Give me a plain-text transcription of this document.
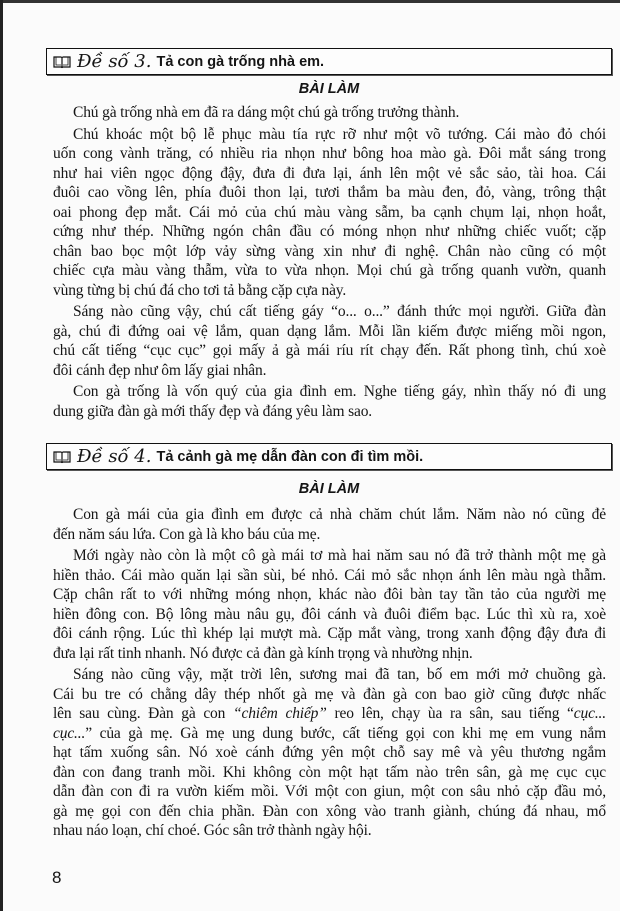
Đề số 3. Tả con gà trống nhà em.
BÀI LÀM
Chú gà trống nhà em đã ra dáng một chú gà trống trưởng thành.
Chú khoác một bộ lễ phục màu tía rực rỡ như một võ tướng. Cái mào đỏ chói
uốn cong vành trăng, có nhiều ria nhọn như bông hoa mào gà. Đôi mắt sáng trong
như hai viên ngọc động đậy, đưa đi đưa lại, ánh lên một vẻ sắc sảo, tài hoa. Cái
đuôi cao vồng lên, phía đuôi thon lại, tươi thắm ba màu đen, đỏ, vàng, trông thật
oai phong đẹp mắt. Cái mỏ của chú màu vàng sẫm, ba cạnh chụm lại, nhọn hoắt,
cứng như thép. Những ngón chân đầu có móng nhọn như những chiếc vuốt; cặp
chân bao bọc một lớp vảy sừng vàng xin như đi nghệ. Chân nào cũng có một
chiếc cựa màu vàng thẫm, vừa to vừa nhọn. Mọi chú gà trống quanh vườn, quanh
vùng từng bị chú đá cho tơi tả bằng cặp cựa này.
Sáng nào cũng vậy, chú cất tiếng gáy “o... o...” đánh thức mọi người. Giữa đàn
gà, chú đi đứng oai vệ lắm, quan dạng lắm. Mỗi lần kiếm được miếng mồi ngon,
chú cất tiếng “cục cục” gọi mấy ả gà mái ríu rít chạy đến. Rất phong tình, chú xoè
đôi cánh đẹp như ôm lấy giai nhân.
Con gà trống là vốn quý của gia đình em. Nghe tiếng gáy, nhìn thấy nó đi ung
dung giữa đàn gà mới thấy đẹp và đáng yêu làm sao.
Đề số 4. Tả cảnh gà mẹ dẫn đàn con đi tìm mồi.
BÀI LÀM
Con gà mái của gia đình em được cả nhà chăm chút lắm. Năm nào nó cũng đẻ
đến năm sáu lứa. Con gà là kho báu của mẹ.
Mới ngày nào còn là một cô gà mái tơ mà hai năm sau nó đã trở thành một mẹ gà
hiền thảo. Cái mào quăn lại sần sùi, bé nhỏ. Cái mỏ sắc nhọn ánh lên màu ngà thẫm.
Cặp chân rất to với những móng nhọn, khác nào đôi bàn tay tần tảo của người mẹ
hiền đông con. Bộ lông màu nâu gụ, đôi cánh và đuôi điểm bạc. Lúc thì xù ra, xoè
đôi cánh rộng. Lúc thì khép lại mượt mà. Cặp mắt vàng, trong xanh động đậy đưa đi
đưa lại rất tinh nhanh. Nó được cả đàn gà kính trọng và nhường nhịn.
Sáng nào cũng vậy, mặt trời lên, sương mai đã tan, bố em mới mở chuồng gà.
Cái bu tre có chằng dây thép nhốt gà mẹ và đàn gà con bao giờ cũng được nhấc
lên sau cùng. Đàn gà con “chiêm chiếp” reo lên, chạy ùa ra sân, sau tiếng “cục...
cục...” của gà mẹ. Gà mẹ ung dung bước, cất tiếng gọi con khi mẹ em vung nắm
hạt tấm xuống sân. Nó xoè cánh đứng yên một chỗ say mê và yêu thương ngắm
đàn con đang tranh mồi. Khi không còn một hạt tấm nào trên sân, gà mẹ cục cục
dẫn đàn con đi ra vườn kiếm mồi. Với một con giun, một con sâu nhỏ cặp đầu mỏ,
gà mẹ gọi con đến chia phần. Đàn con xông vào tranh giành, chúng đá nhau, mổ
nhau náo loạn, chí choé. Góc sân trở thành ngày hội.
8
